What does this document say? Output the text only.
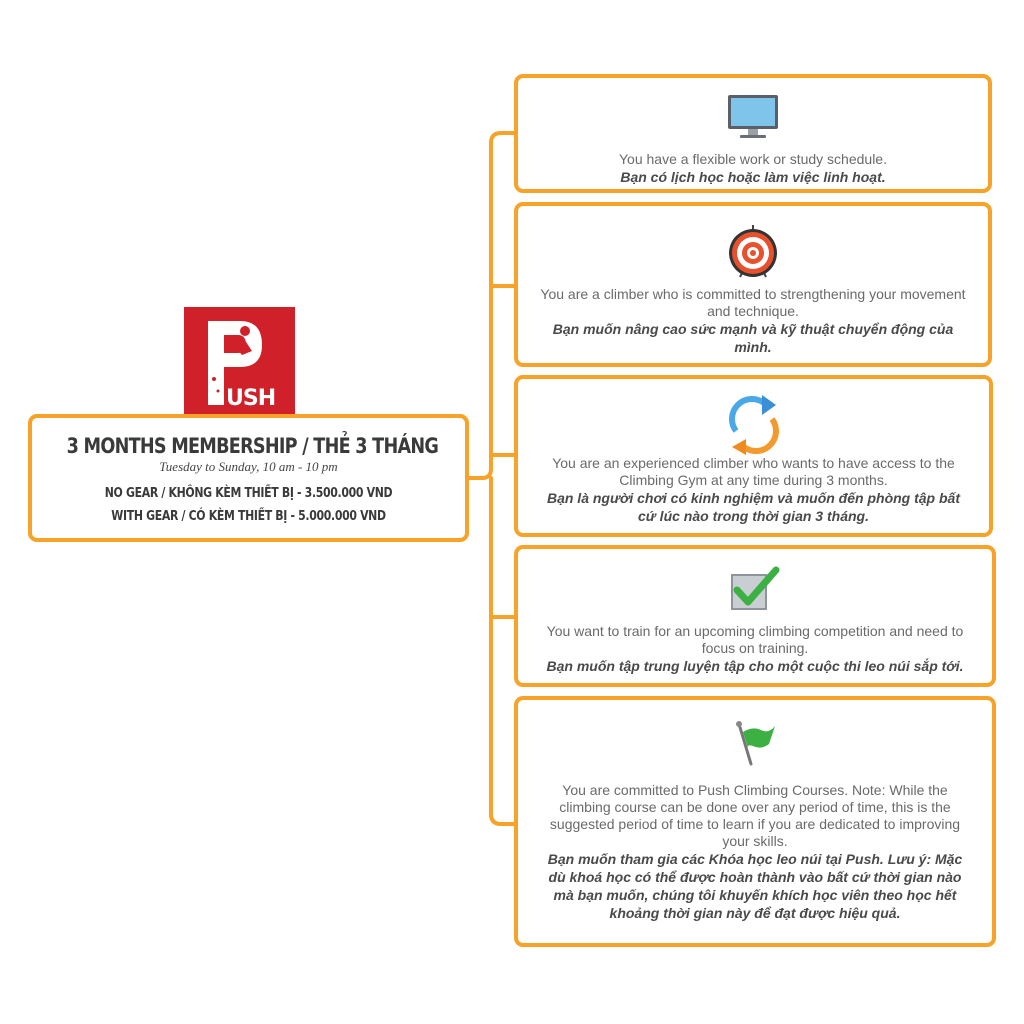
USH
3 MONTHS MEMBERSHIP / THẺ 3 THÁNG
Tuesday to Sunday, 10 am - 10 pm
NO GEAR / KHÔNG KÈM THIẾT BỊ - 3.500.000 VND
WITH GEAR / CÓ KÈM THIẾT BỊ - 5.000.000 VND
You have a flexible work or study schedule.
Bạn có lịch học hoặc làm việc linh hoạt.
You are a climber who is committed to strengthening your movement and technique.
Bạn muốn nâng cao sức mạnh và kỹ thuật chuyển động của mình.
You are an experienced climber who wants to have access to the Climbing Gym at any time during 3 months.
Bạn là người chơi có kinh nghiệm và muốn đến phòng tập bất cứ lúc nào trong thời gian 3 tháng.
You want to train for an upcoming climbing competition and need to focus on training.
Bạn muốn tập trung luyện tập cho một cuộc thi leo núi sắp tới.
You are committed to Push Climbing Courses. Note: While the climbing course can be done over any period of time, this is the suggested period of time to learn if you are dedicated to improving your skills.
Bạn muốn tham gia các Khóa học leo núi tại Push. Lưu ý: Mặc dù khoá học có thể được hoàn thành vào bất cứ thời gian nào mà bạn muốn, chúng tôi khuyến khích học viên theo học hết khoảng thời gian này để đạt được hiệu quả.
